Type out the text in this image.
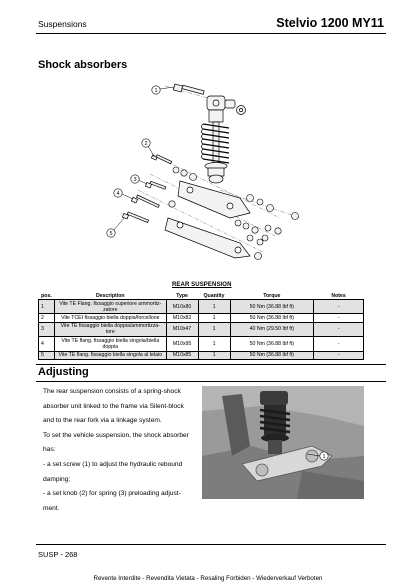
Suspensions	Stelvio 1200 MY11
Shock absorbers
1
2
3
4
5
REAR SUSPENSION
pos.	Description	Type	Quantity	Torque	Notes
1	Vite TE Flang. fissaggio superiore ammortiz-zatore	M10x80	1	50 Nm (36.88 lbf ft)	-
2	Vite TCEI fissaggio biella doppia/forcellone	M10x82	1	50 Nm (36.88 lbf ft)	-
3	Vite TE fissaggio biella doppia/ammortizza-tore	M10x47	1	40 Nm (29.50 lbf ft)	-
4	Vite TE flang. fissaggio biella singola/biella doppia	M10x95	1	50 Nm (36.88 lbf ft)	-
5	Vite TE flang. fissaggio biella singola al telaio	M10x85	1	50 Nm (36.88 lbf ft)	-
Adjusting
The rear suspension consists of a spring-shock
absorber unit linked to the frame via Silent-block
and to the rear fork via a linkage system.
To set the vehicle suspension, the shock absorber
has:
- a set screw (1) to adjust the hydraulic rebound
damping;
- a set knob (2) for spring (3) preloading adjust-
ment.
1
SUSP - 268
Revente Interdite - Revendita Vietata - Resaling Forbiden - Wiederverkauf Verboten
